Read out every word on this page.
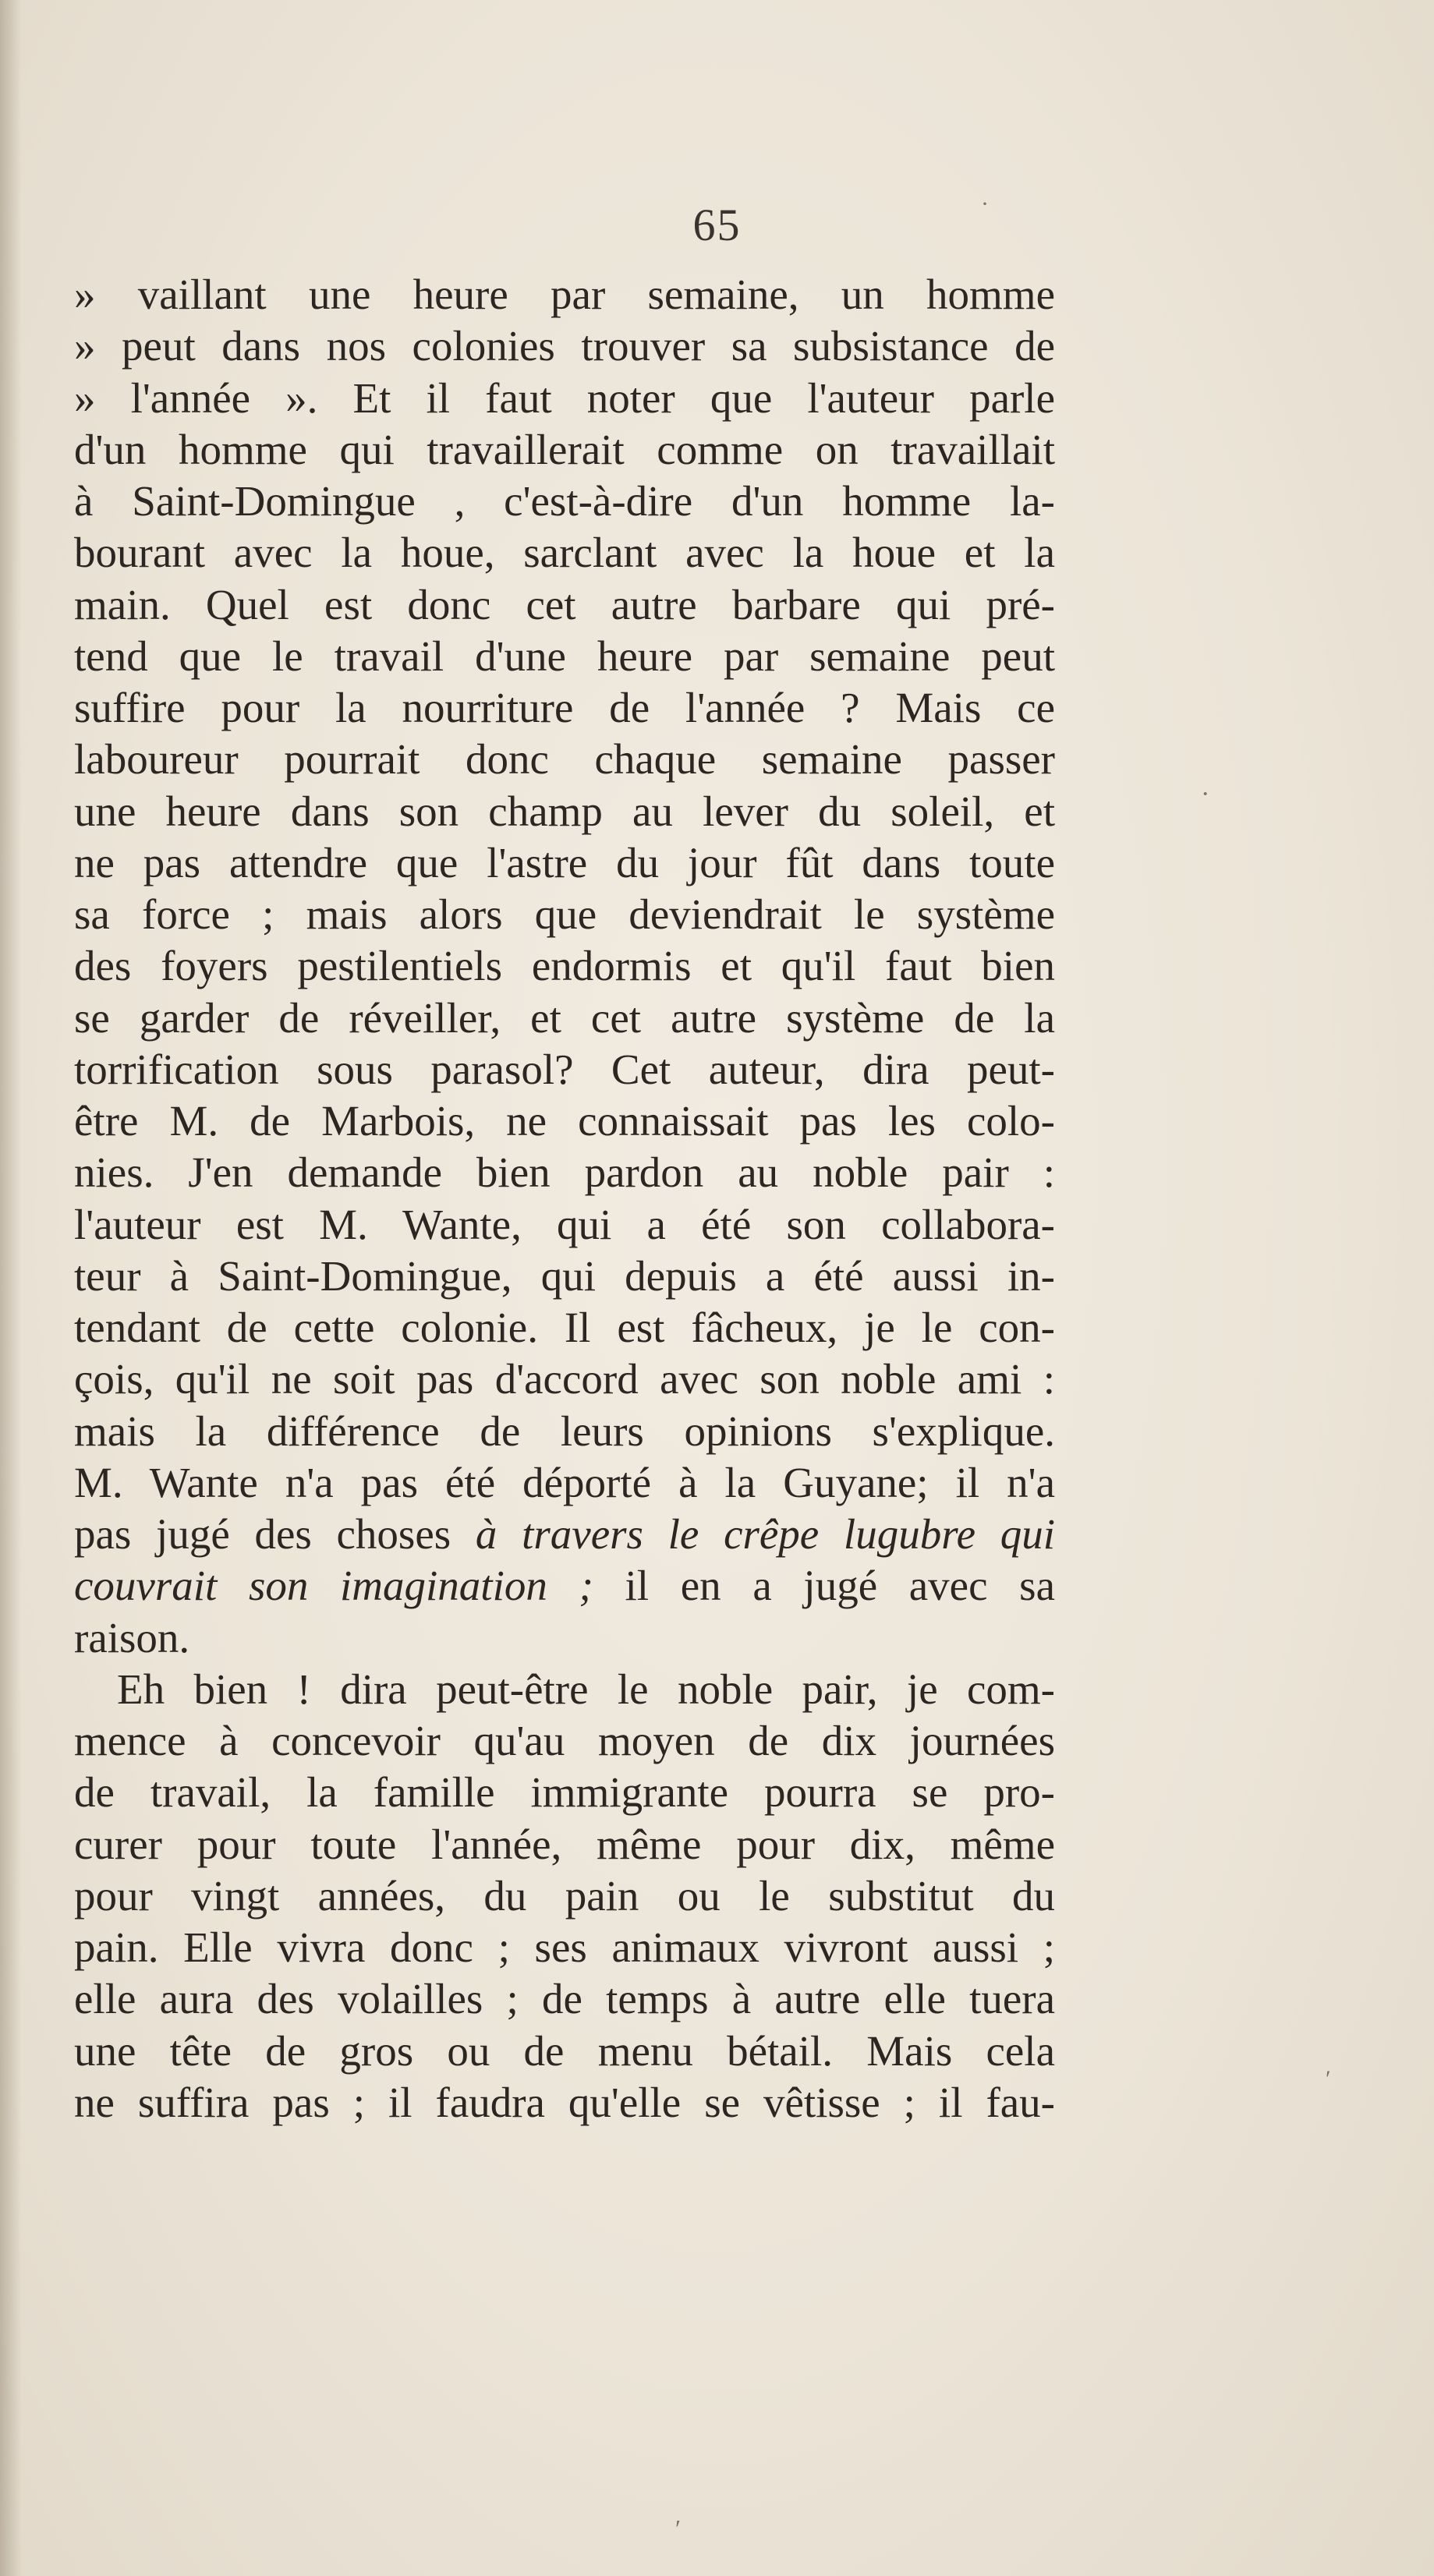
65
» vaillant une heure par semaine, un homme
» peut dans nos colonies trouver sa subsistance de
» l'année ». Et il faut noter que l'auteur parle
d'un homme qui travaillerait comme on travaillait
à Saint-Domingue , c'est-à-dire d'un homme la-
bourant avec la houe, sarclant avec la houe et la
main. Quel est donc cet autre barbare qui pré-
tend que le travail d'une heure par semaine peut
suffire pour la nourriture de l'année ? Mais ce
laboureur pourrait donc chaque semaine passer
une heure dans son champ au lever du soleil, et
ne pas attendre que l'astre du jour fût dans toute
sa force ; mais alors que deviendrait le système
des foyers pestilentiels endormis et qu'il faut bien
se garder de réveiller, et cet autre système de la
torrification sous parasol? Cet auteur, dira peut-
être M. de Marbois, ne connaissait pas les colo-
nies. J'en demande bien pardon au noble pair :
l'auteur est M. Wante, qui a été son collabora-
teur à Saint-Domingue, qui depuis a été aussi in-
tendant de cette colonie. Il est fâcheux, je le con-
çois, qu'il ne soit pas d'accord avec son noble ami :
mais la différence de leurs opinions s'explique.
M. Wante n'a pas été déporté à la Guyane; il n'a
pas jugé des choses à travers le crêpe lugubre qui
couvrait son imagination ; il en a jugé avec sa
raison.
Eh bien ! dira peut-être le noble pair, je com-
mence à concevoir qu'au moyen de dix journées
de travail, la famille immigrante pourra se pro-
curer pour toute l'année, même pour dix, même
pour vingt années, du pain ou le substitut du
pain. Elle vivra donc ; ses animaux vivront aussi ;
elle aura des volailles ; de temps à autre elle tuera
une tête de gros ou de menu bétail. Mais cela
ne suffira pas ; il faudra qu'elle se vêtisse ; il fau-
·
·
′
′
